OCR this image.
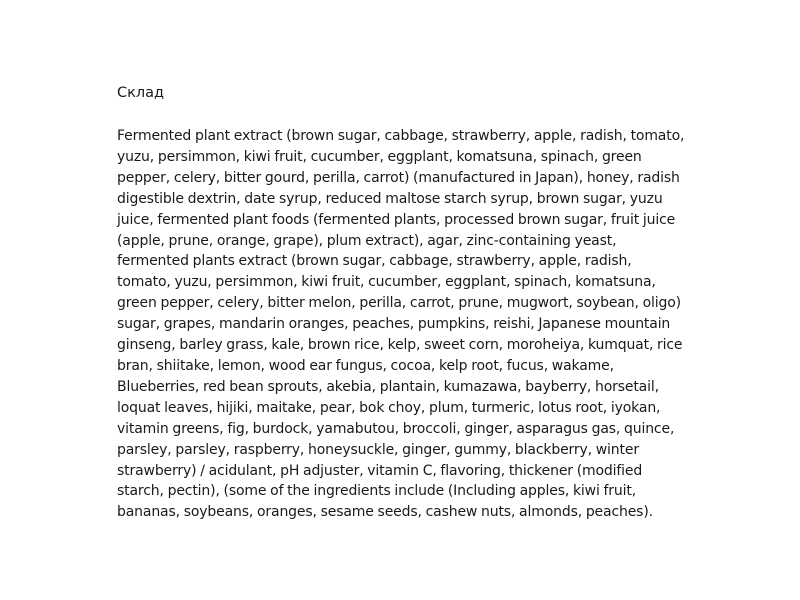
Склад

Fermented plant extract (brown sugar, cabbage, strawberry, apple, radish, tomato, yuzu, persimmon, kiwi fruit, cucumber, eggplant, komatsuna, spinach, green pepper, celery, bitter gourd, perilla, carrot) (manufactured in Japan), honey, radish digestible dextrin, date syrup, reduced maltose starch syrup, brown sugar, yuzu juice, fermented plant foods (fermented plants, processed brown sugar, fruit juice (apple, prune, orange, grape), plum extract), agar, zinc-containing yeast, fermented plants extract (brown sugar, cabbage, strawberry, apple, radish, tomato, yuzu, persimmon, kiwi fruit, cucumber, eggplant, spinach, komatsuna, green pepper, celery, bitter melon, perilla, carrot, prune, mugwort, soybean, oligo) sugar, grapes, mandarin oranges, peaches, pumpkins, reishi, Japanese mountain ginseng, barley grass, kale, brown rice, kelp, sweet corn, moroheiya, kumquat, rice bran, shiitake, lemon, wood ear fungus, cocoa, kelp root, fucus, wakame, Blueberries, red bean sprouts, akebia, plantain, kumazawa, bayberry, horsetail, loquat leaves, hijiki, maitake, pear, bok choy, plum, turmeric, lotus root, iyokan, vitamin greens, fig, burdock, yamabutou, broccoli, ginger, asparagus gas, quince, parsley, parsley, raspberry, honeysuckle, ginger, gummy, blackberry, winter strawberry) / acidulant, pH adjuster, vitamin C, flavoring, thickener (modified starch, pectin), (some of the ingredients include (Including apples, kiwi fruit, bananas, soybeans, oranges, sesame seeds, cashew nuts, almonds, peaches).
